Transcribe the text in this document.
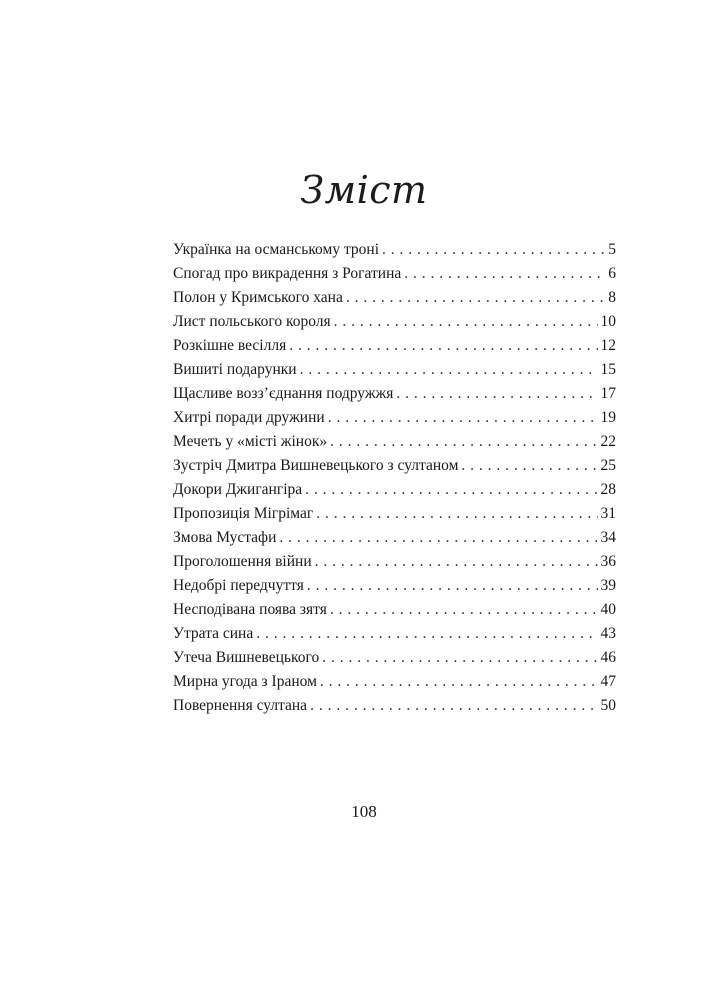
Зміст
Українка на османському троні . . .	5
Спогад про викрадення з Рогатина . . .	6
Полон у Кримського хана . . .	8
Лист польського короля . . .	10
Розкішне весілля . . .	12
Вишиті подарунки . . .	15
Щасливе возз’єднання подружжя . . .	17
Хитрі поради дружини . . .	19
Мечеть у «місті жінок» . . .	22
Зустріч Дмитра Вишневецького з султаном . . .	25
Докори Джигангіра . . .	28
Пропозиція Мігрімаг . . .	31
Змова Мустафи . . .	34
Проголошення війни . . .	36
Недобрі передчуття . . .	39
Несподівана поява зятя . . .	40
Утрата сина . . .	43
Утеча Вишневецького . . .	46
Мирна угода з Іраном . . .	47
Повернення султана . . .	50
108
